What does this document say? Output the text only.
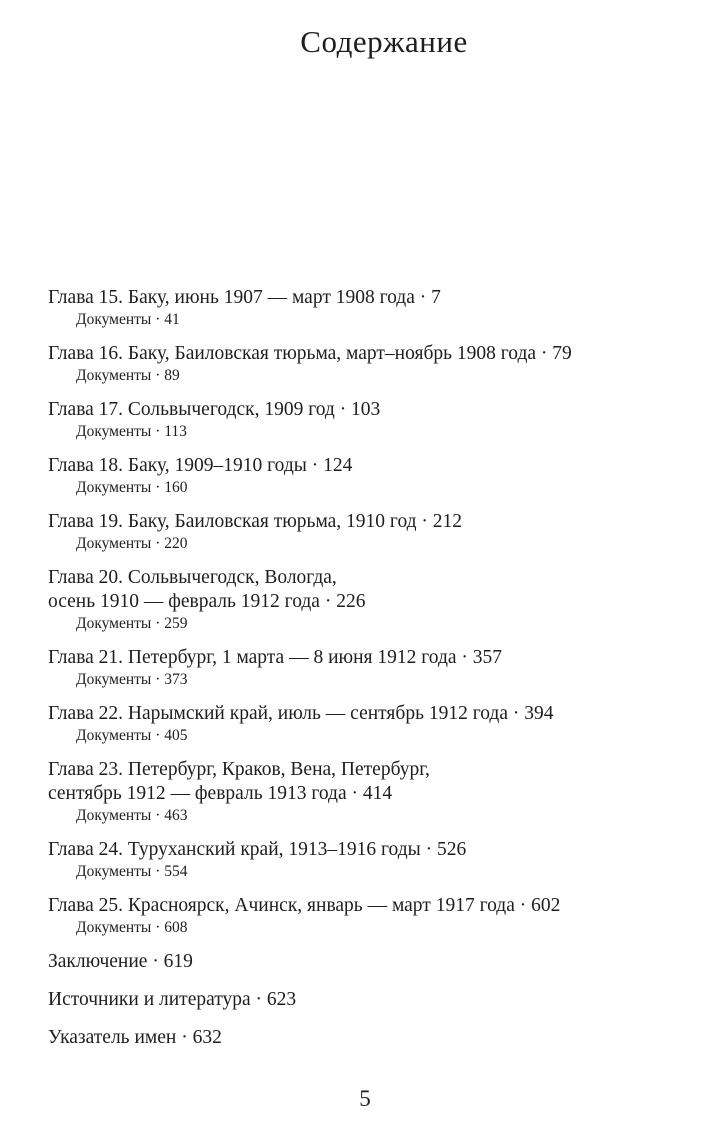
Содержание
Глава 15. Баку, июнь 1907 — март 1908 года · 7
Документы · 41
Глава 16. Баку, Баиловская тюрьма, март–ноябрь 1908 года · 79
Документы · 89
Глава 17. Сольвычегодск, 1909 год · 103
Документы · 113
Глава 18. Баку, 1909–1910 годы · 124
Документы · 160
Глава 19. Баку, Баиловская тюрьма, 1910 год · 212
Документы · 220
Глава 20. Сольвычегодск, Вологда,
осень 1910 — февраль 1912 года · 226
Документы · 259
Глава 21. Петербург, 1 марта — 8 июня 1912 года · 357
Документы · 373
Глава 22. Нарымский край, июль — сентябрь 1912 года · 394
Документы · 405
Глава 23. Петербург, Краков, Вена, Петербург,
сентябрь 1912 — февраль 1913 года · 414
Документы · 463
Глава 24. Туруханский край, 1913–1916 годы · 526
Документы · 554
Глава 25. Красноярск, Ачинск, январь — март 1917 года · 602
Документы · 608
Заключение · 619
Источники и литература · 623
Указатель имен · 632
5
